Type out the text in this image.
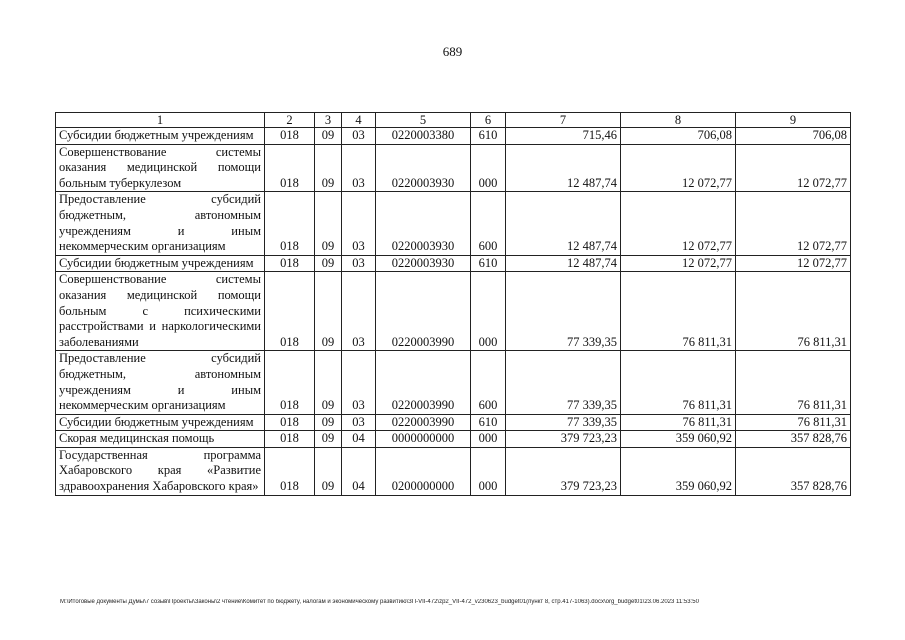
689
1	2	3	4	5	6	7	8	9
Субсидии бюджетным учреждениям	018	09	03	0220003380	610	715,46	706,08	706,08
Совершенствование системы оказания медицинской помощи больным туберкулезом	018	09	03	0220003930	000	12 487,74	12 072,77	12 072,77
Предоставление субсидий бюджетным, автономным учреждениям и иным некоммерческим организациям	018	09	03	0220003930	600	12 487,74	12 072,77	12 072,77
Субсидии бюджетным учреждениям	018	09	03	0220003930	610	12 487,74	12 072,77	12 072,77
Совершенствование системы оказания медицинской помощи больным с психическими расстройствами и наркологическими заболеваниями	018	09	03	0220003990	000	77 339,35	76 811,31	76 811,31
Предоставление субсидий бюджетным, автономным учреждениям и иным некоммерческим организациям	018	09	03	0220003990	600	77 339,35	76 811,31	76 811,31
Субсидии бюджетным учреждениям	018	09	03	0220003990	610	77 339,35	76 811,31	76 811,31
Скорая медицинская помощь	018	09	04	0000000000	000	379 723,23	359 060,92	357 828,76
Государственная программа Хабаровского края «Развитие здравоохранения Хабаровского края»	018	09	04	0200000000	000	379 723,23	359 060,92	357 828,76
M:\Итоговые документы Думы\7 созыв\Проекты\Законы\2 чтение\Комитет по бюджету, налогам и экономическому развитию\ЗП-VII-472\zp2_VII-472_v230623_budget01(пункт 8, стр.417-1063).docx\org_budget01\23.06.2023 11:53:50
